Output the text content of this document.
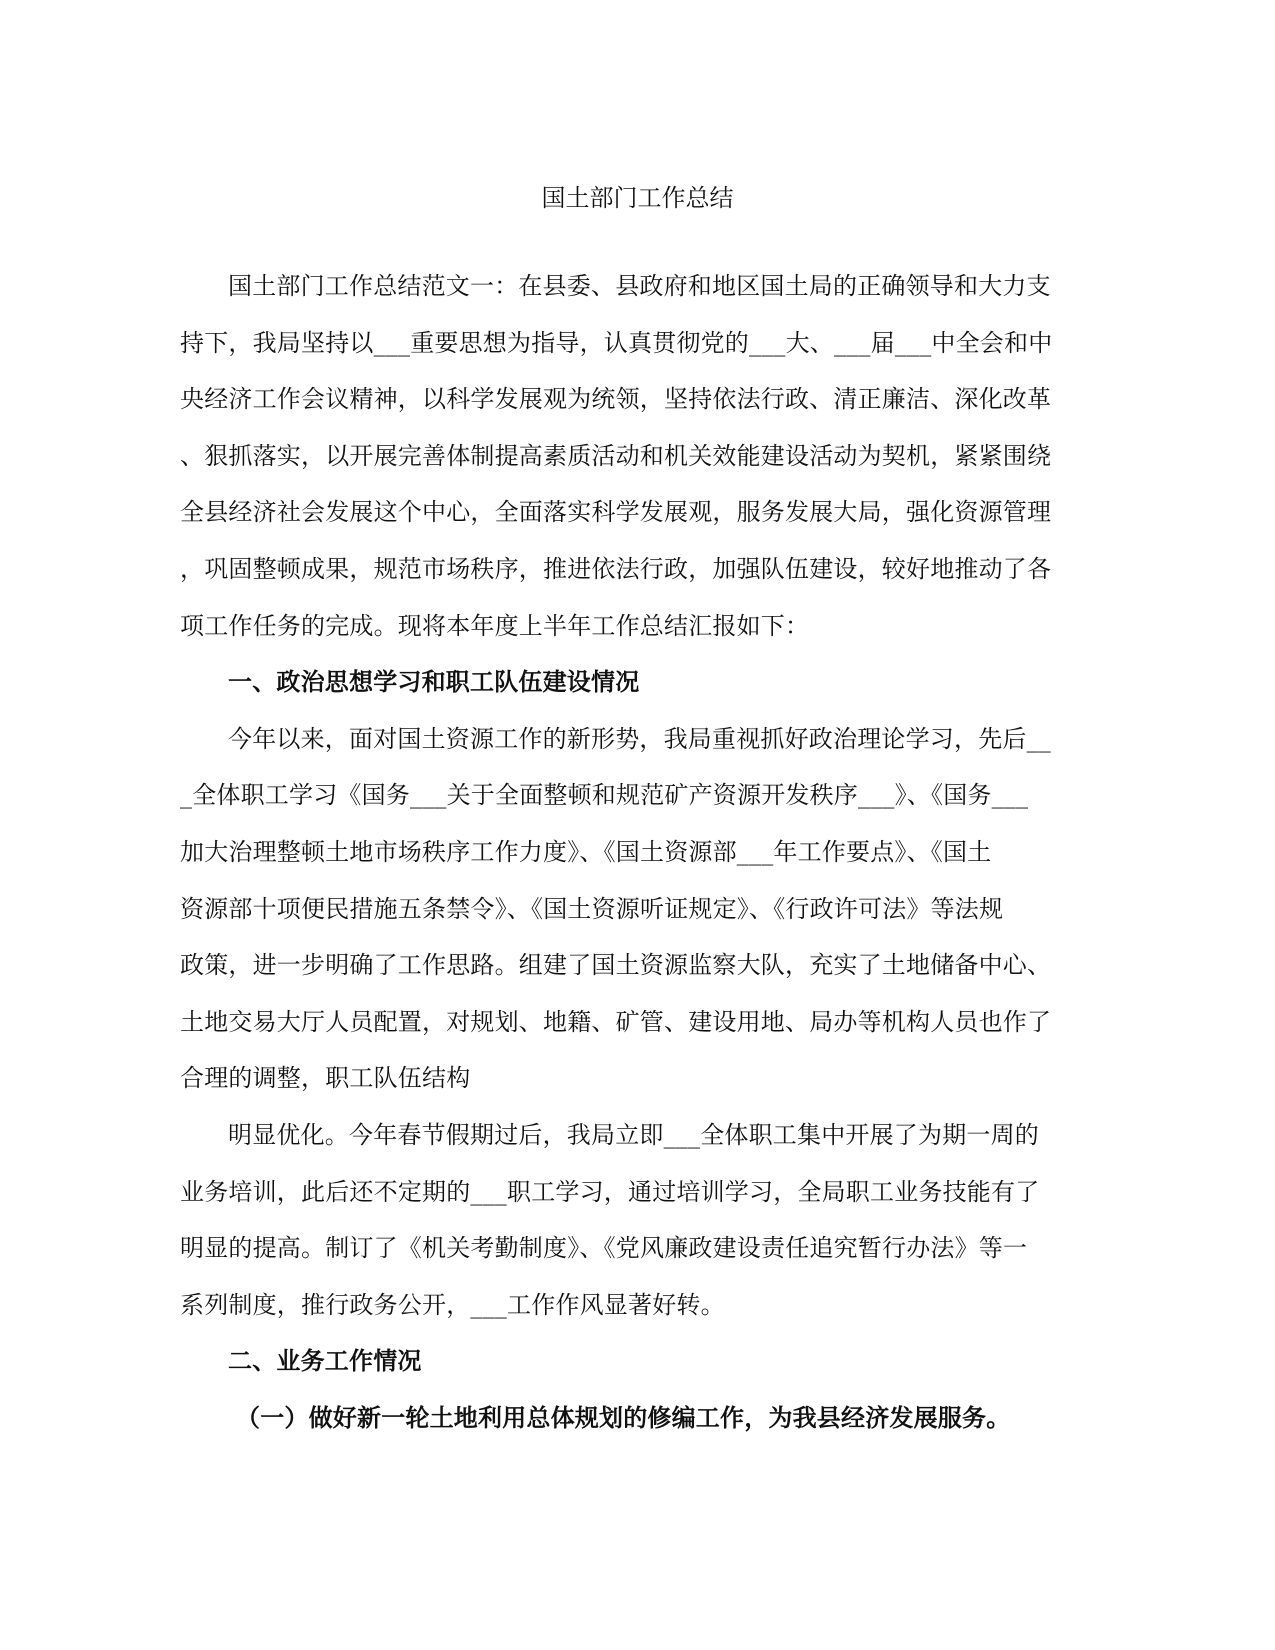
国土部门工作总结
国土部门工作总结范文一：在县委、县政府和地区国土局的正确领导和大力支
持下，我局坚持以___重要思想为指导，认真贯彻党的___大、___届___中全会和中
央经济工作会议精神，以科学发展观为统领，坚持依法行政、清正廉洁、深化改革
、狠抓落实，以开展完善体制提高素质活动和机关效能建设活动为契机，紧紧围绕
全县经济社会发展这个中心，全面落实科学发展观，服务发展大局，强化资源管理
，巩固整顿成果，规范市场秩序，推进依法行政，加强队伍建设，较好地推动了各
项工作任务的完成。现将本年度上半年工作总结汇报如下：
一、政治思想学习和职工队伍建设情况
今年以来，面对国土资源工作的新形势，我局重视抓好政治理论学习，先后__
_全体职工学习《国务___关于全面整顿和规范矿产资源开发秩序___》、《国务___
加大治理整顿土地市场秩序工作力度》、《国土资源部___年工作要点》、《国土
资源部十项便民措施五条禁令》、《国土资源听证规定》、《行政许可法》等法规
政策，进一步明确了工作思路。组建了国土资源监察大队，充实了土地储备中心、
土地交易大厅人员配置，对规划、地籍、矿管、建设用地、局办等机构人员也作了
合理的调整，职工队伍结构
明显优化。今年春节假期过后，我局立即___全体职工集中开展了为期一周的
业务培训，此后还不定期的___职工学习，通过培训学习，全局职工业务技能有了
明显的提高。制订了《机关考勤制度》、《党风廉政建设责任追究暂行办法》等一
系列制度，推行政务公开，___工作作风显著好转。
二、业务工作情况
（一）做好新一轮土地利用总体规划的修编工作，为我县经济发展服务。
